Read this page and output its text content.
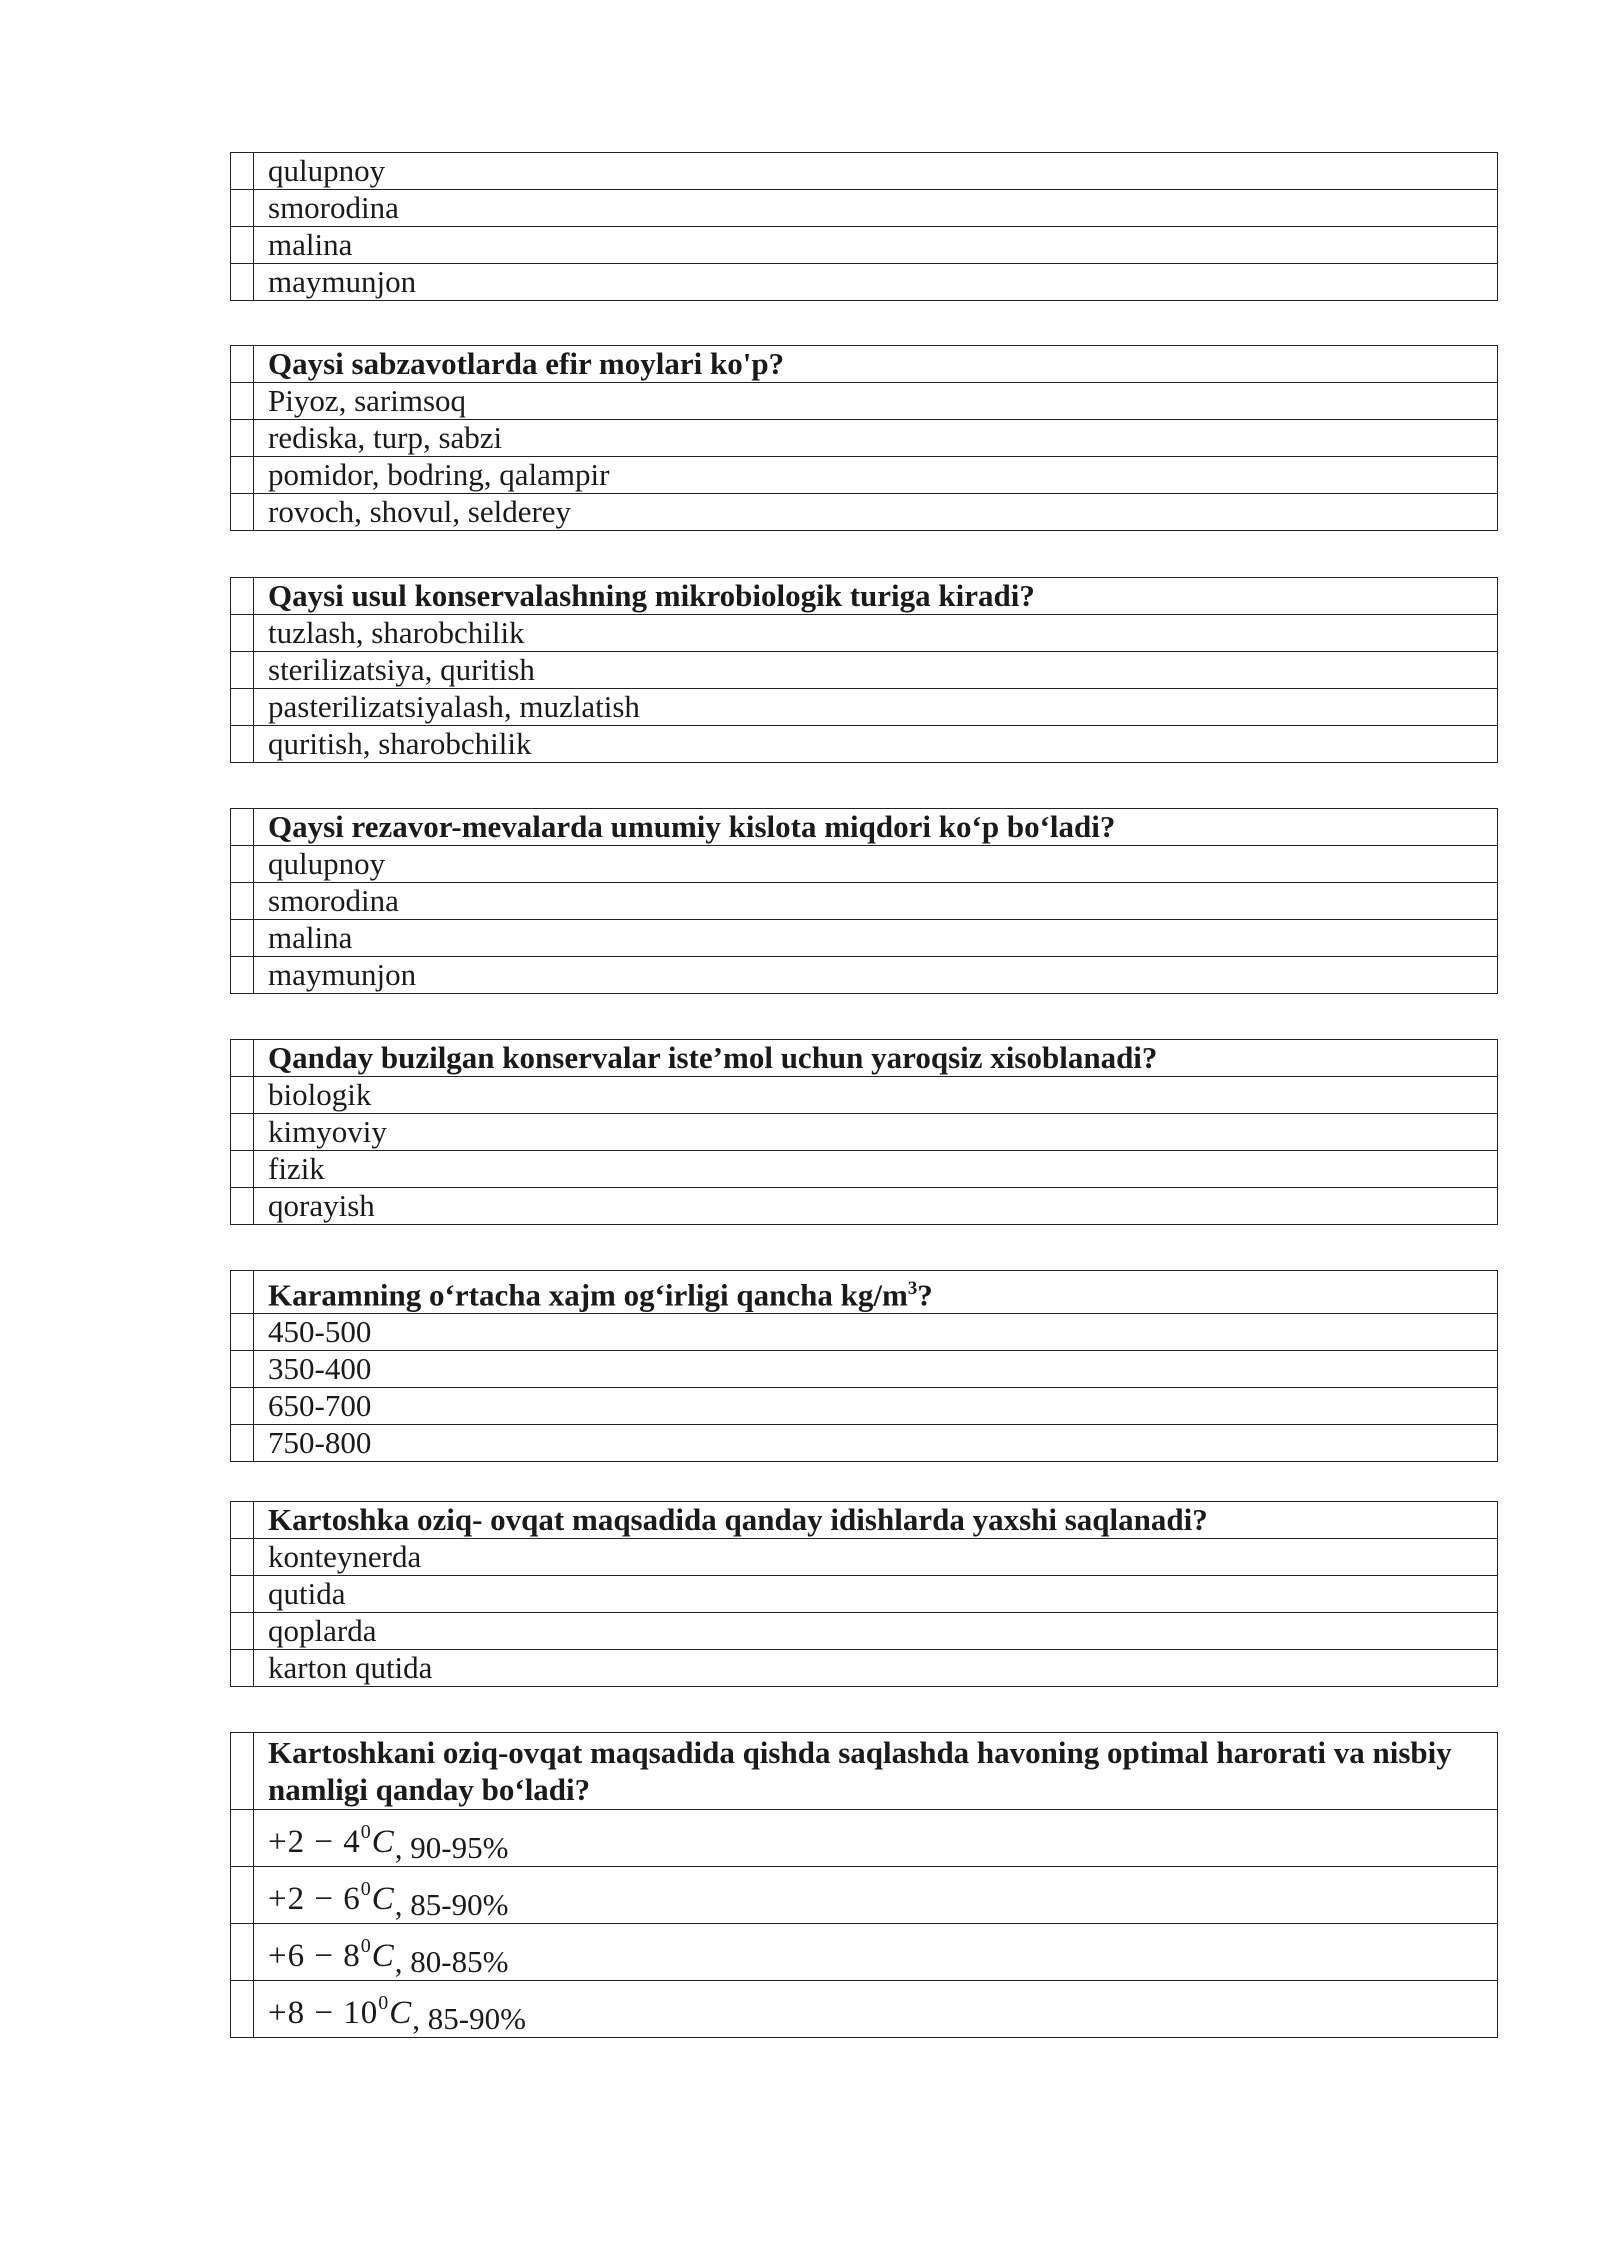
	qulupnoy
	smorodina
	malina
	maymunjon
	Qaysi sabzavotlarda efir moylari ko'p?
	Piyoz, sarimsoq
	rediska, turp, sabzi
	pomidor, bodring, qalampir
	rovoch, shovul, selderey
	Qaysi usul konservalashning mikrobiologik turiga kiradi?
	tuzlash, sharobchilik
	sterilizatsiya, quritish
	pasterilizatsiyalash, muzlatish
	quritish, sharobchilik
	Qaysi rezavor-mevalarda umumiy kislota miqdori ko‘p bo‘ladi?
	qulupnoy
	smorodina
	malina
	maymunjon
	Qanday buzilgan konservalar iste’mol uchun yaroqsiz xisoblanadi?
	biologik
	kimyoviy
	fizik
	qorayish
	Karamning o‘rtacha xajm og‘irligi qancha $kg/m^3$?
	450-500
	350-400
	650-700
	750-800
	Kartoshka oziq- ovqat maqsadida qanday idishlarda yaxshi saqlanadi?
	konteynerda
	qutida
	qoplarda
	karton qutida
	Kartoshkani oziq-ovqat maqsadida qishda saqlashda havoning optimal harorati va nisbiy namligi qanday bo‘ladi?
	$+2 - 4^0C$, 90-95%
	$+2 - 6^0C$, 85-90%
	$+6 - 8^0C$, 80-85%
	$+8 - 10^0C$, 85-90%
